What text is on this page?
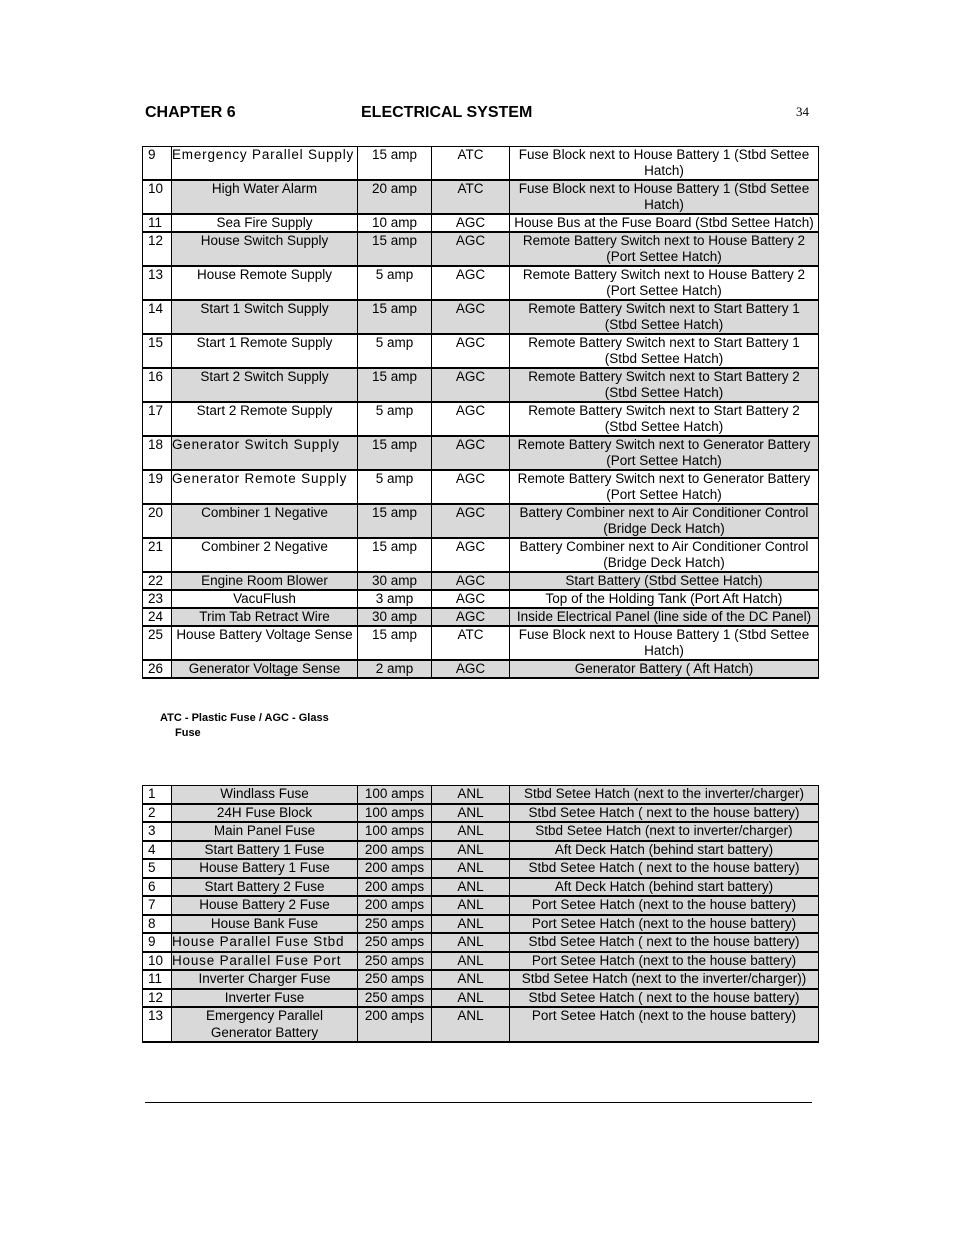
CHAPTER 6	ELECTRICAL SYSTEM	34
9	Emergency Parallel Supply	15 amp	ATC	Fuse Block next to House Battery 1 (Stbd Settee Hatch)
10	High Water Alarm	20 amp	ATC	Fuse Block next to House Battery 1 (Stbd Settee Hatch)
11	Sea Fire Supply	10 amp	AGC	House Bus at the Fuse Board (Stbd Settee Hatch)
12	House Switch Supply	15 amp	AGC	Remote Battery Switch next to House Battery 2 (Port Settee Hatch)
13	House Remote Supply	5 amp	AGC	Remote Battery Switch next to House Battery 2 (Port Settee Hatch)
14	Start 1 Switch Supply	15 amp	AGC	Remote Battery Switch next to Start Battery 1 (Stbd Settee Hatch)
15	Start 1 Remote Supply	5 amp	AGC	Remote Battery Switch next to Start Battery 1 (Stbd Settee Hatch)
16	Start 2 Switch Supply	15 amp	AGC	Remote Battery Switch next to Start Battery 2 (Stbd Settee Hatch)
17	Start 2 Remote Supply	5 amp	AGC	Remote Battery Switch next to Start Battery 2 (Stbd Settee Hatch)
18	Generator Switch Supply	15 amp	AGC	Remote Battery Switch next to Generator Battery (Port Settee Hatch)
19	Generator Remote Supply	5 amp	AGC	Remote Battery Switch next to Generator Battery (Port Settee Hatch)
20	Combiner 1 Negative	15 amp	AGC	Battery Combiner next to Air Conditioner Control (Bridge Deck Hatch)
21	Combiner 2 Negative	15 amp	AGC	Battery Combiner next to Air Conditioner Control (Bridge Deck Hatch)
22	Engine Room Blower	30 amp	AGC	Start Battery (Stbd Settee Hatch)
23	VacuFlush	3 amp	AGC	Top of the Holding Tank (Port Aft Hatch)
24	Trim Tab Retract Wire	30 amp	AGC	Inside Electrical Panel (line side of the DC Panel)
25	House Battery Voltage Sense	15 amp	ATC	Fuse Block next to House Battery 1 (Stbd Settee Hatch)
26	Generator Voltage Sense	2 amp	AGC	Generator Battery ( Aft Hatch)
ATC - Plastic Fuse / AGC - Glass
Fuse
1	Windlass Fuse	100 amps	ANL	Stbd Setee Hatch (next to the inverter/charger)
2	24H Fuse Block	100 amps	ANL	Stbd Setee Hatch ( next to the house battery)
3	Main Panel Fuse	100 amps	ANL	Stbd Setee Hatch (next to inverter/charger)
4	Start Battery 1 Fuse	200 amps	ANL	Aft Deck Hatch (behind start battery)
5	House Battery 1 Fuse	200 amps	ANL	Stbd Setee Hatch ( next to the house battery)
6	Start Battery 2 Fuse	200 amps	ANL	Aft Deck Hatch (behind start battery)
7	House Battery 2 Fuse	200 amps	ANL	Port Setee Hatch (next to the house battery)
8	House Bank Fuse	250 amps	ANL	Port Setee Hatch (next to the house battery)
9	House Parallel Fuse Stbd	250 amps	ANL	Stbd Setee Hatch ( next to the house battery)
10	House Parallel Fuse Port	250 amps	ANL	Port Setee Hatch (next to the house battery)
11	Inverter Charger Fuse	250 amps	ANL	Stbd Setee Hatch (next to the inverter/charger))
12	Inverter Fuse	250 amps	ANL	Stbd Setee Hatch ( next to the house battery)
13	Emergency Parallel Generator Battery	200 amps	ANL	Port Setee Hatch (next to the house battery)
